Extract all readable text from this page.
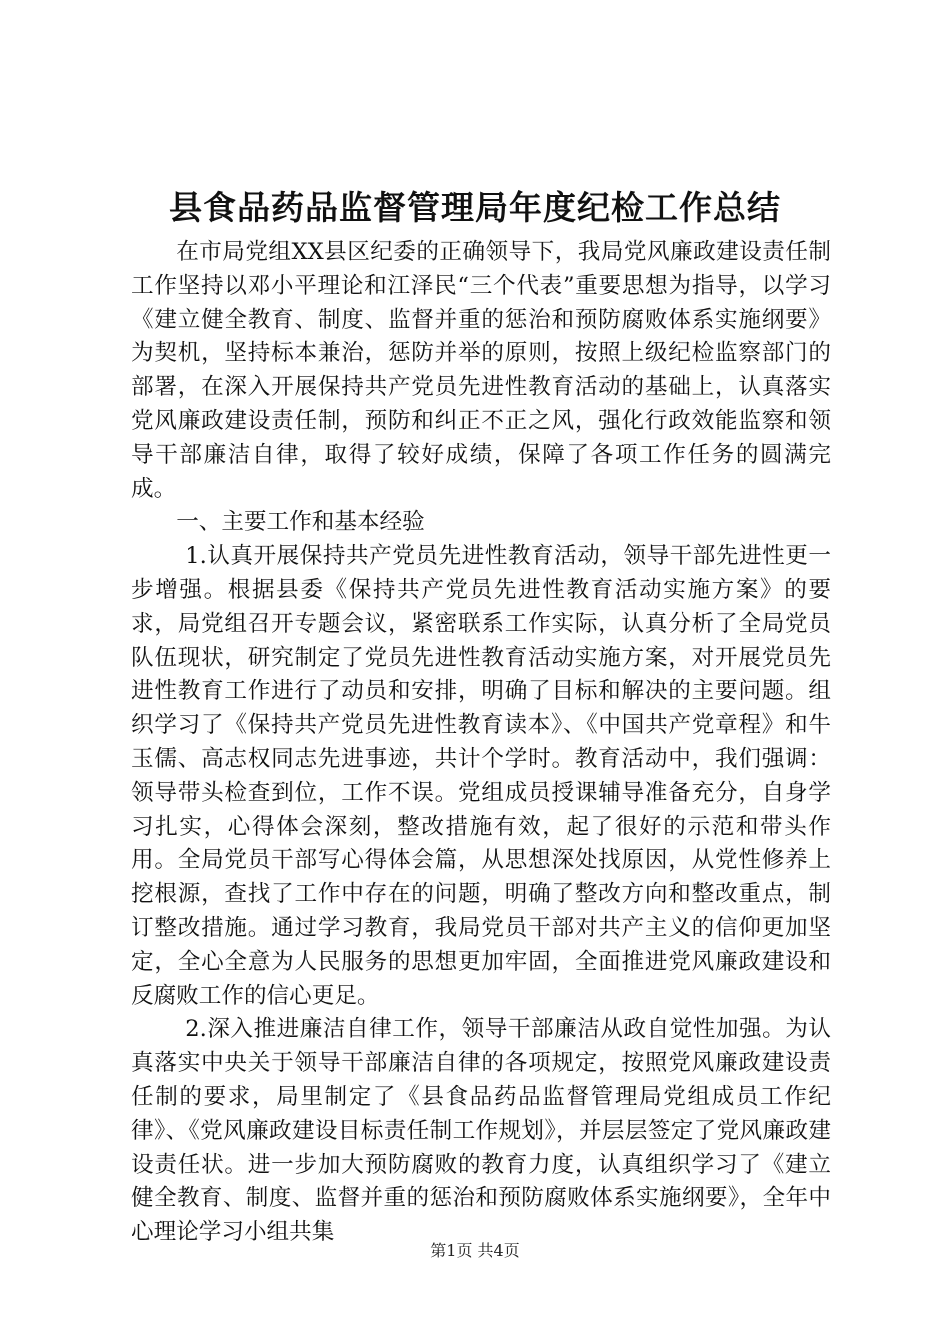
县食品药品监督管理局年度纪检工作总结

在市局党组XX县区纪委的正确领导下，我局党风廉政建设责任制工作坚持以邓小平理论和江泽民“三个代表”重要思想为指导，以学习《建立健全教育、制度、监督并重的惩治和预防腐败体系实施纲要》为契机，坚持标本兼治，惩防并举的原则，按照上级纪检监察部门的部署，在深入开展保持共产党员先进性教育活动的基础上，认真落实党风廉政建设责任制，预防和纠正不正之风，强化行政效能监察和领导干部廉洁自律，取得了较好成绩，保障了各项工作任务的圆满完成。

一、主要工作和基本经验

1.认真开展保持共产党员先进性教育活动，领导干部先进性更一步增强。根据县委《保持共产党员先进性教育活动实施方案》的要求，局党组召开专题会议，紧密联系工作实际，认真分析了全局党员队伍现状，研究制定了党员先进性教育活动实施方案，对开展党员先进性教育工作进行了动员和安排，明确了目标和解决的主要问题。组织学习了《保持共产党员先进性教育读本》、《中国共产党章程》和牛玉儒、高志权同志先进事迹，共计个学时。教育活动中，我们强调：领导带头检查到位，工作不误。党组成员授课辅导准备充分，自身学习扎实，心得体会深刻，整改措施有效，起了很好的示范和带头作用。全局党员干部写心得体会篇，从思想深处找原因，从党性修养上挖根源，查找了工作中存在的问题，明确了整改方向和整改重点，制订整改措施。通过学习教育，我局党员干部对共产主义的信仰更加坚定，全心全意为人民服务的思想更加牢固，全面推进党风廉政建设和反腐败工作的信心更足。

2.深入推进廉洁自律工作，领导干部廉洁从政自觉性加强。为认真落实中央关于领导干部廉洁自律的各项规定，按照党风廉政建设责任制的要求，局里制定了《县食品药品监督管理局党组成员工作纪律》、《党风廉政建设目标责任制工作规划》，并层层签定了党风廉政建设责任状。进一步加大预防腐败的教育力度，认真组织学习了《建立健全教育、制度、监督并重的惩治和预防腐败体系实施纲要》，全年中心理论学习小组共集

第1页 共4页
